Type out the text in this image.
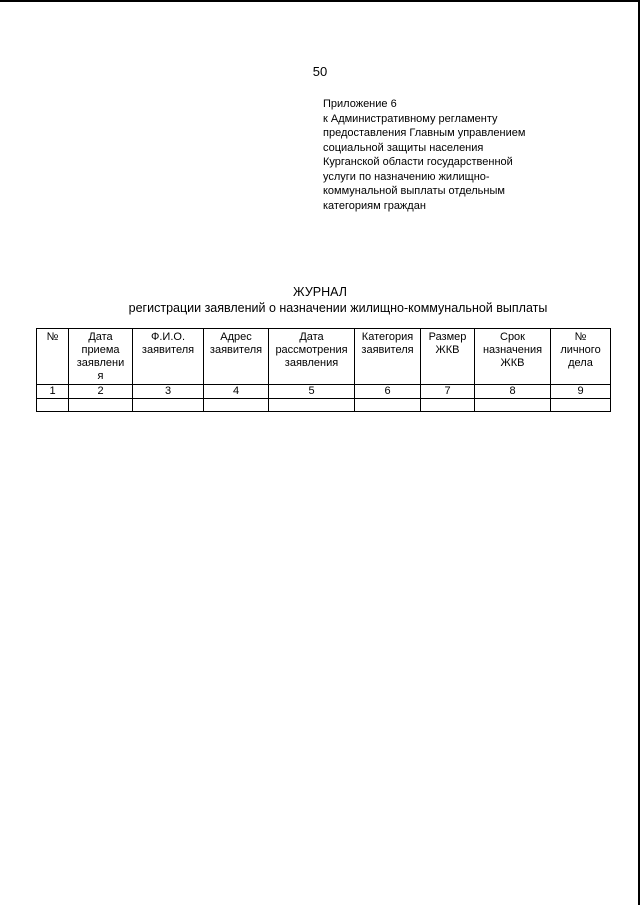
50
Приложение 6
к Административному регламенту
предоставления Главным управлением
социальной защиты населения
Курганской области государственной
услуги по назначению жилищно-
коммунальной выплаты отдельным
категориям граждан
ЖУРНАЛ
регистрации заявлений о назначении жилищно-коммунальной выплаты
№	Дата
приема
заявлени
я	Ф.И.О.
заявителя	Адрес
заявителя	Дата
рассмотрения
заявления	Категория
заявителя	Размер
ЖКВ	Срок
назначения
ЖКВ	№
личного
дела
1	2	3	4	5	6	7	8	9
